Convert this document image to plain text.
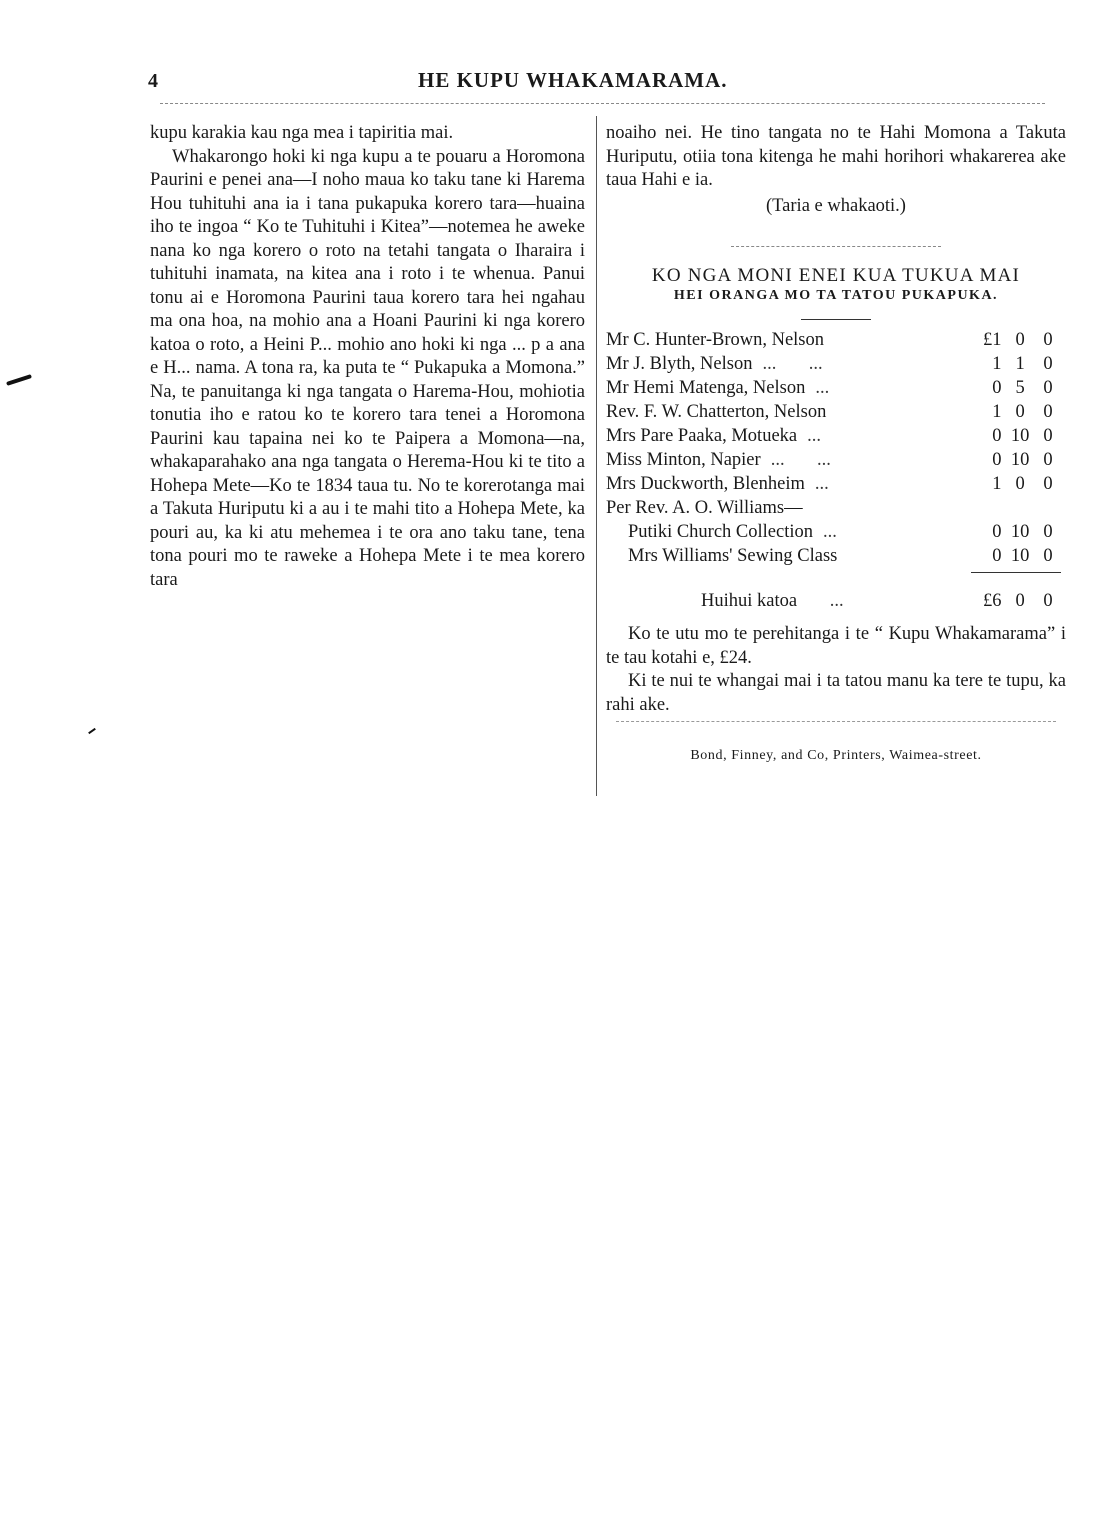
4	HE KUPU WHAKAMARAMA.

kupu karakia kau nga mea i tapiritia mai.

Whakarongo hoki ki nga kupu a te pouaru a Horomona Paurini e penei ana—I noho maua ko taku tane ki Harema Hou tuhituhi ana ia i tana pukapuka korero tara—huaina iho te ingoa “ Ko te Tuhituhi i Kitea”—notemea he aweke nana ko nga korero o roto na tetahi tangata o Iharaira i tuhituhi inamata, na kitea ana i roto i te whenua. Panui tonu ai e Horomona Paurini taua korero tara hei ngahau ma ona hoa, na mohio ana a Hoani Paurini ki nga korero katoa o roto, a Heini P... mohio ano hoki ki nga ... p a ana e H... nama. A tona ra, ka puta te “ Pukapuka a Momona.” Na, te panuitanga ki nga tangata o Harema-Hou, mohiotia tonutia iho e ratou ko te korero tara tenei a Horomona Paurini kau tapaina nei ko te Paipera a Momona—na, whakaparahako ana nga tangata o Herema-Hou ki te tito a Hohepa Mete—Ko te 1834 taua tu. No te korerotanga mai a Takuta Huriputu ki a au i te mahi tito a Hohepa Mete, ka pouri au, ka ki atu mehemea i te ora ano taku tane, tena tona pouri mo te raweke a Hohepa Mete i te mea korero tara

noaiho nei. He tino tangata no te Hahi Momona a Takuta Huriputu, otiia tona kitenga he mahi horihori whakarerea ake taua Hahi e ia.

(Taria e whakaoti.)
KO NGA MONI ENEI KUA TUKUA MAI
HEI ORANGA MO TA TATOU PUKAPUKA.
Mr C. Hunter-Brown, Nelson	£1	0	0
Mr J. Blyth, Nelson ...       ...	1	1	0
Mr Hemi Matenga, Nelson ...	0	5	0
Rev. F. W. Chatterton, Nelson	1	0	0
Mrs Pare Paaka, Motueka ...	0	10	0
Miss Minton, Napier ...       ...	0	10	0
Mrs Duckworth, Blenheim ...	1	0	0
Per Rev. A. O. Williams—			
Putiki Church Collection ...	0	10	0
Mrs Williams' Sewing Class	0	10	0

Huihui katoa ...	£6	0	0

Ko te utu mo te perehitanga i te “ Kupu Whakamarama” i te tau kotahi e, £24.

Ki te nui te whangai mai i ta tatou manu ka tere te tupu, ka rahi ake.

Bond, Finney, and Co, Printers, Waimea-street.
